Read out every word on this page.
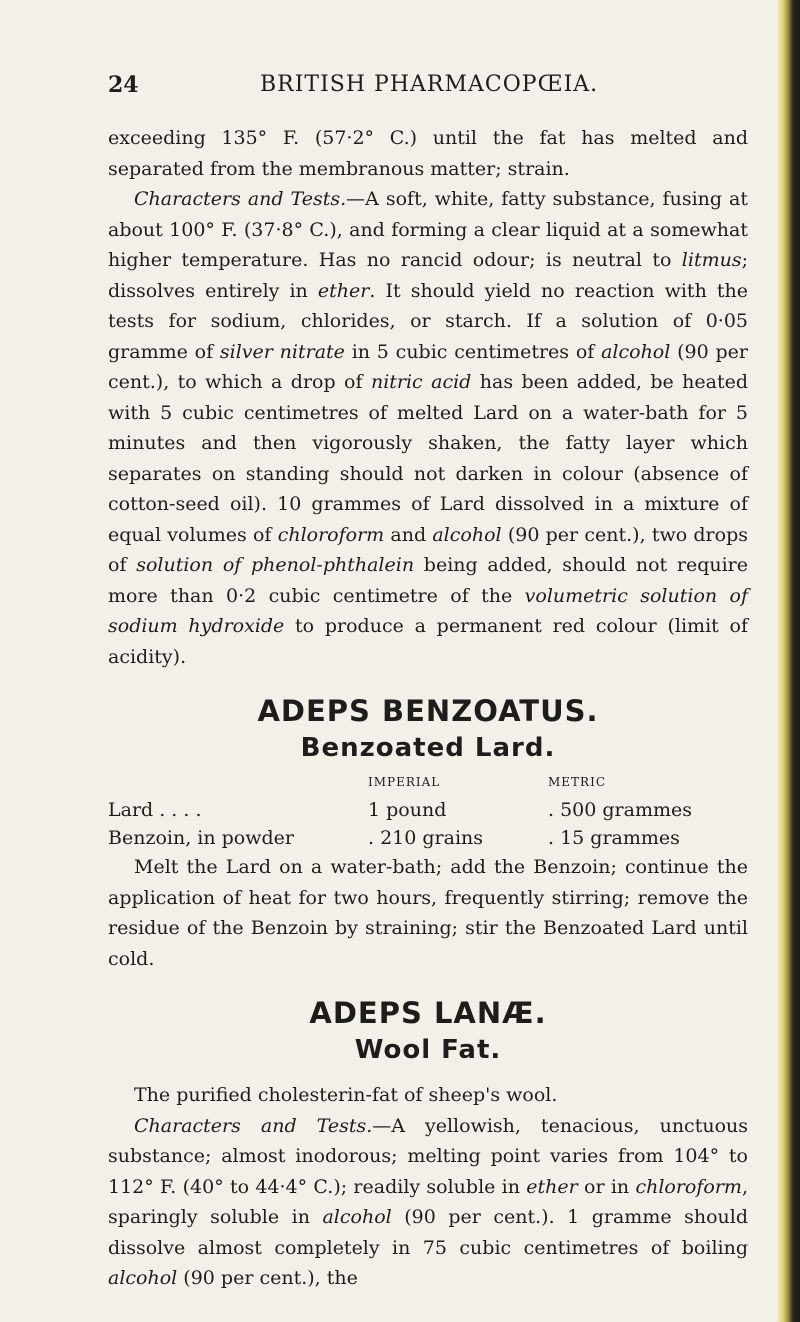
24	BRITISH PHARMACOPŒIA.

exceeding 135° F. (57·2° C.) until the fat has melted and separated from the membranous matter; strain.

Characters and Tests.—A soft, white, fatty substance, fusing at about 100° F. (37·8° C.), and forming a clear liquid at a somewhat higher temperature. Has no rancid odour; is neutral to litmus; dissolves entirely in ether. It should yield no reaction with the tests for sodium, chlorides, or starch. If a solution of 0·05 gramme of silver nitrate in 5 cubic centimetres of alcohol (90 per cent.), to which a drop of nitric acid has been added, be heated with 5 cubic centimetres of melted Lard on a water-bath for 5 minutes and then vigorously shaken, the fatty layer which separates on standing should not darken in colour (absence of cotton-seed oil). 10 grammes of Lard dissolved in a mixture of equal volumes of chloroform and alcohol (90 per cent.), two drops of solution of phenol-phthalein being added, should not require more than 0·2 cubic centimetre of the volumetric solution of sodium hydroxide to produce a permanent red colour (limit of acidity).

ADEPS BENZOATUS.
Benzoated Lard.
IMPERIAL	METRIC
Lard . . . .	1 pound	. 500 grammes
Benzoin, in powder	. 210 grains	. 15 grammes

Melt the Lard on a water-bath; add the Benzoin; continue the application of heat for two hours, frequently stirring; remove the residue of the Benzoin by straining; stir the Benzoated Lard until cold.

ADEPS LANÆ.
Wool Fat.

The purified cholesterin-fat of sheep's wool.

Characters and Tests.—A yellowish, tenacious, unctuous substance; almost inodorous; melting point varies from 104° to 112° F. (40° to 44·4° C.); readily soluble in ether or in chloroform, sparingly soluble in alcohol (90 per cent.). 1 gramme should dissolve almost completely in 75 cubic centimetres of boiling alcohol (90 per cent.), the
